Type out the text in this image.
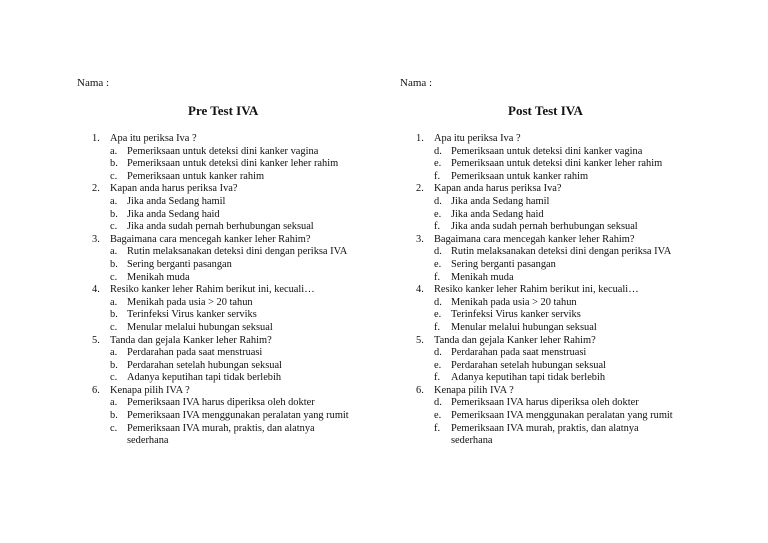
Nama :
Pre Test IVA
1. Apa itu periksa Iva ?
a. Pemeriksaan untuk deteksi dini kanker vagina
b. Pemeriksaan untuk deteksi dini kanker leher rahim
c. Pemeriksaan untuk kanker rahim
2. Kapan anda harus periksa Iva?
a. Jika anda Sedang hamil
b. Jika anda Sedang haid
c. Jika anda sudah pernah berhubungan seksual
3. Bagaimana cara mencegah kanker leher Rahim?
a. Rutin melaksanakan deteksi dini dengan periksa IVA
b. Sering berganti pasangan
c. Menikah muda
4. Resiko kanker leher Rahim berikut ini, kecuali…
a. Menikah pada usia > 20 tahun
b. Terinfeksi Virus kanker serviks
c. Menular melalui hubungan seksual
5. Tanda dan gejala Kanker leher Rahim?
a. Perdarahan pada saat menstruasi
b. Perdarahan setelah hubungan seksual
c. Adanya keputihan tapi tidak berlebih
6. Kenapa pilih IVA ?
a. Pemeriksaan IVA harus diperiksa oleh dokter
b. Pemeriksaan IVA menggunakan peralatan yang rumit
c. Pemeriksaan IVA murah, praktis, dan alatnya sederhana
Nama :
Post Test IVA
1. Apa itu periksa Iva ?
d. Pemeriksaan untuk deteksi dini kanker vagina
e. Pemeriksaan untuk deteksi dini kanker leher rahim
f. Pemeriksaan untuk kanker rahim
2. Kapan anda harus periksa Iva?
d. Jika anda Sedang hamil
e. Jika anda Sedang haid
f. Jika anda sudah pernah berhubungan seksual
3. Bagaimana cara mencegah kanker leher Rahim?
d. Rutin melaksanakan deteksi dini dengan periksa IVA
e. Sering berganti pasangan
f. Menikah muda
4. Resiko kanker leher Rahim berikut ini, kecuali…
d. Menikah pada usia > 20 tahun
e. Terinfeksi Virus kanker serviks
f. Menular melalui hubungan seksual
5. Tanda dan gejala Kanker leher Rahim?
d. Perdarahan pada saat menstruasi
e. Perdarahan setelah hubungan seksual
f. Adanya keputihan tapi tidak berlebih
6. Kenapa pilih IVA ?
d. Pemeriksaan IVA harus diperiksa oleh dokter
e. Pemeriksaan IVA menggunakan peralatan yang rumit
f. Pemeriksaan IVA murah, praktis, dan alatnya sederhana
